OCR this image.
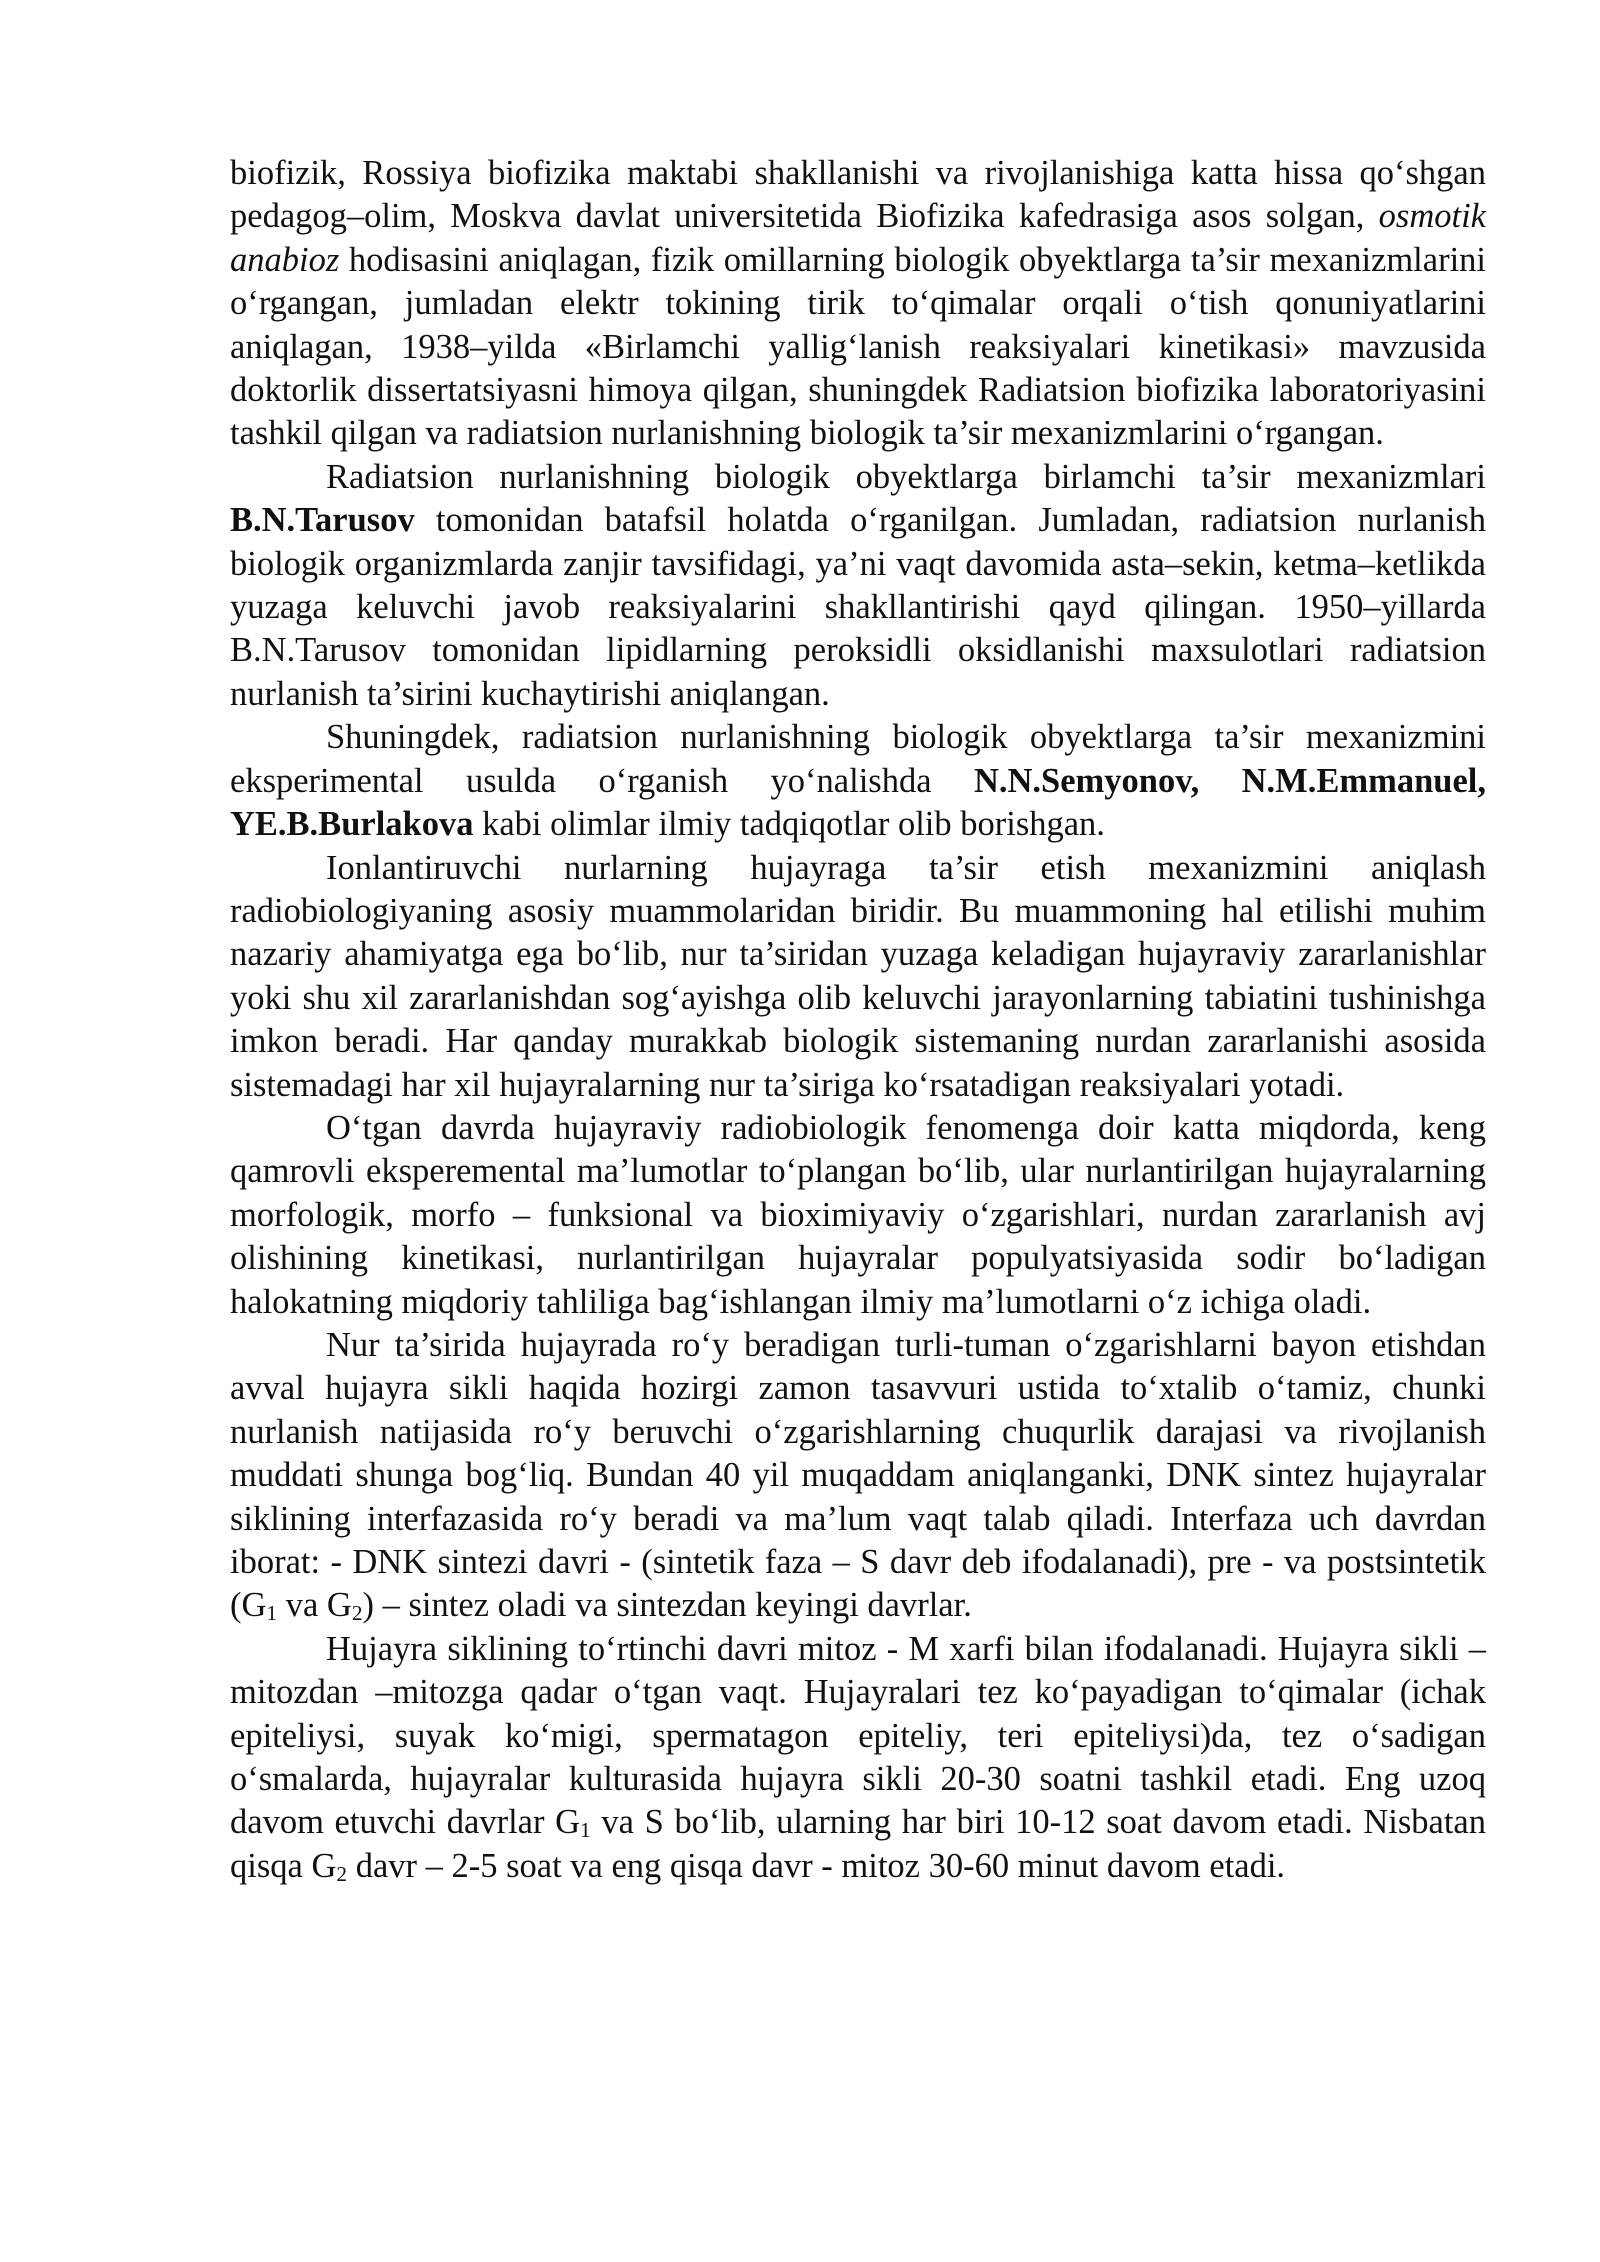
biofizik, Rossiya biofizika maktabi shakllanishi va rivojlanishiga katta hissa qo‘shgan pedagog–olim, Moskva davlat universitetida Biofizika kafedrasiga asos solgan, osmotik anabioz hodisasini aniqlagan, fizik omillarning biologik obyektlarga ta’sir mexanizmlarini o‘rgangan, jumladan elektr tokining tirik to‘qimalar orqali o‘tish qonuniyatlarini aniqlagan, 1938–yilda «Birlamchi yallig‘lanish reaksiyalari kinetikasi» mavzusida doktorlik dissertatsiyasni himoya qilgan, shuningdek Radiatsion biofizika laboratoriyasini tashkil qilgan va radiatsion nurlanishning biologik ta’sir mexanizmlarini o‘rgangan.

Radiatsion nurlanishning biologik obyektlarga birlamchi ta’sir mexanizmlari B.N.Tarusov tomonidan batafsil holatda o‘rganilgan. Jumladan, radiatsion nurlanish biologik organizmlarda zanjir tavsifidagi, ya’ni vaqt davomida asta–sekin, ketma–ketlikda yuzaga keluvchi javob reaksiyalarini shakllantirishi qayd qilingan. 1950–yillarda B.N.Tarusov tomonidan lipidlarning peroksidli oksidlanishi maxsulotlari radiatsion nurlanish ta’sirini kuchaytirishi aniqlangan.

Shuningdek, radiatsion nurlanishning biologik obyektlarga ta’sir mexanizmini eksperimental usulda o‘rganish yo‘nalishda N.N.Semyonov, N.M.Emmanuel, YE.B.Burlakova kabi olimlar ilmiy tadqiqotlar olib borishgan.

Ionlantiruvchi nurlarning hujayraga ta’sir etish mexanizmini aniqlash radiobiologiyaning asosiy muammolaridan biridir. Bu muammoning hal etilishi muhim nazariy ahamiyatga ega bo‘lib, nur ta’siridan yuzaga keladigan hujayraviy zararlanishlar yoki shu xil zararlanishdan sog‘ayishga olib keluvchi jarayonlarning tabiatini tushinishga imkon beradi. Har qanday murakkab biologik sistemaning nurdan zararlanishi asosida sistemadagi har xil hujayralarning nur ta’siriga ko‘rsatadigan reaksiyalari yotadi.

O‘tgan davrda hujayraviy radiobiologik fenomenga doir katta miqdorda, keng qamrovli eksperemental ma’lumotlar to‘plangan bo‘lib, ular nurlantirilgan hujayralarning morfologik, morfo – funksional va bioximiyaviy o‘zgarishlari, nurdan zararlanish avj olishining kinetikasi, nurlantirilgan hujayralar populyatsiyasida sodir bo‘ladigan halokatning miqdoriy tahliliga bag‘ishlangan ilmiy ma’lumotlarni o‘z ichiga oladi.

Nur ta’sirida hujayrada ro‘y beradigan turli-tuman o‘zgarishlarni bayon etishdan avval hujayra sikli haqida hozirgi zamon tasavvuri ustida to‘xtalib o‘tamiz, chunki nurlanish natijasida ro‘y beruvchi o‘zgarishlarning chuqurlik darajasi va rivojlanish muddati shunga bog‘liq. Bundan 40 yil muqaddam aniqlanganki, DNK sintez hujayralar siklining interfazasida ro‘y beradi va ma’lum vaqt talab qiladi. Interfaza uch davrdan iborat: - DNK sintezi davri - (sintetik faza – S davr deb ifodalanadi), pre - va postsintetik ($G_1$ va $G_2$) – sintez oladi va sintezdan keyingi davrlar.

Hujayra siklining to‘rtinchi davri mitoz - M xarfi bilan ifodalanadi. Hujayra sikli – mitozdan –mitozga qadar o‘tgan vaqt. Hujayralari tez ko‘payadigan to‘qimalar (ichak epiteliysi, suyak ko‘migi, spermatagon epiteliy, teri epiteliysi)da, tez o‘sadigan o‘smalarda, hujayralar kulturasida hujayra sikli 20-30 soatni tashkil etadi. Eng uzoq davom etuvchi davrlar $G_1$ va S bo‘lib, ularning har biri 10-12 soat davom etadi. Nisbatan qisqa $G_2$ davr – 2-5 soat va eng qisqa davr - mitoz 30-60 minut davom etadi.
